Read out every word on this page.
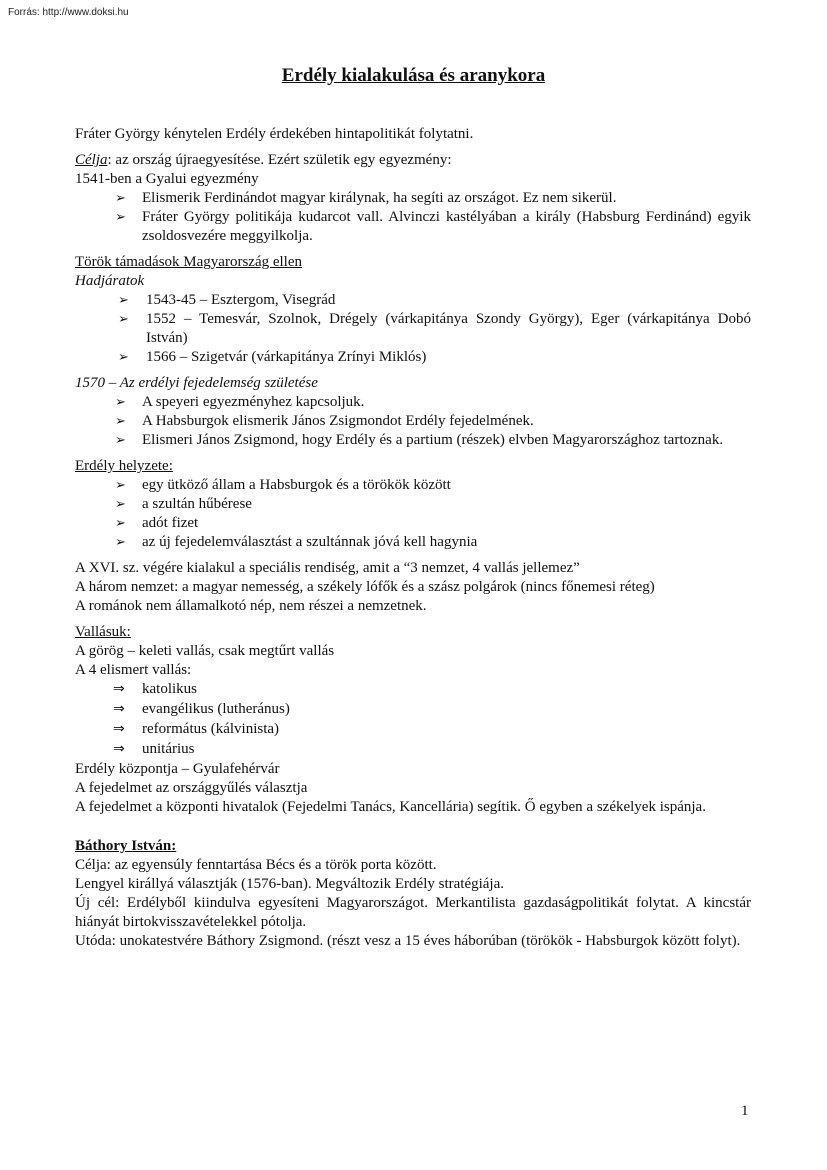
Forrás: http://www.doksi.hu
Erdély kialakulása és aranykora

Fráter György kénytelen Erdély érdekében hintapolitikát folytatni.

Célja: az ország újraegyesítése. Ezért születik egy egyezmény:

1541-ben a Gyalui egyezmény

➢ Elismerik Ferdinándot magyar királynak, ha segíti az országot. Ez nem sikerül.
➢ Fráter György politikája kudarcot vall. Alvinczi kastélyában a király (Habsburg Ferdinánd) egyik zsoldosvezére meggyilkolja.

Török támadások Magyarország ellen

Hadjáratok

➢ 1543-45 – Esztergom, Visegrád
➢ 1552 – Temesvár, Szolnok, Drégely (várkapitánya Szondy György), Eger (várkapitánya Dobó István)
➢ 1566 – Szigetvár (várkapitánya Zrínyi Miklós)

1570 – Az erdélyi fejedelemség születése

➢ A speyeri egyezményhez kapcsoljuk.
➢ A Habsburgok elismerik János Zsigmondot Erdély fejedelmének.
➢ Elismeri János Zsigmond, hogy Erdély és a partium (részek) elvben Magyarországhoz tartoznak.

Erdély helyzete:

➢ egy ütköző állam a Habsburgok és a törökök között
➢ a szultán hűbérese
➢ adót fizet
➢ az új fejedelemválasztást a szultánnak jóvá kell hagynia

A XVI. sz. végére kialakul a speciális rendiség, amit a “3 nemzet, 4 vallás jellemez”

A három nemzet: a magyar nemesség, a székely lófők és a szász polgárok (nincs főnemesi réteg)

A románok nem államalkotó nép, nem részei a nemzetnek.

Vallásuk:

A görög – keleti vallás, csak megtűrt vallás

A 4 elismert vallás:

⇒ katolikus
⇒ evangélikus (lutheránus)
⇒ református (kálvinista)
⇒ unitárius

Erdély központja – Gyulafehérvár

A fejedelmet az országgyűlés választja

A fejedelmet a központi hivatalok (Fejedelmi Tanács, Kancellária) segítik. Ő egyben a székelyek ispánja.

Báthory István:

Célja: az egyensúly fenntartása Bécs és a török porta között.

Lengyel királlyá választják (1576-ban). Megváltozik Erdély stratégiája.

Új cél: Erdélyből kiindulva egyesíteni Magyarországot. Merkantilista gazdaságpolitikát folytat. A kincstár hiányát birtokvisszavételekkel pótolja.

Utóda: unokatestvére Báthory Zsigmond. (részt vesz a 15 éves háborúban (törökök - Habsburgok között folyt).

1
